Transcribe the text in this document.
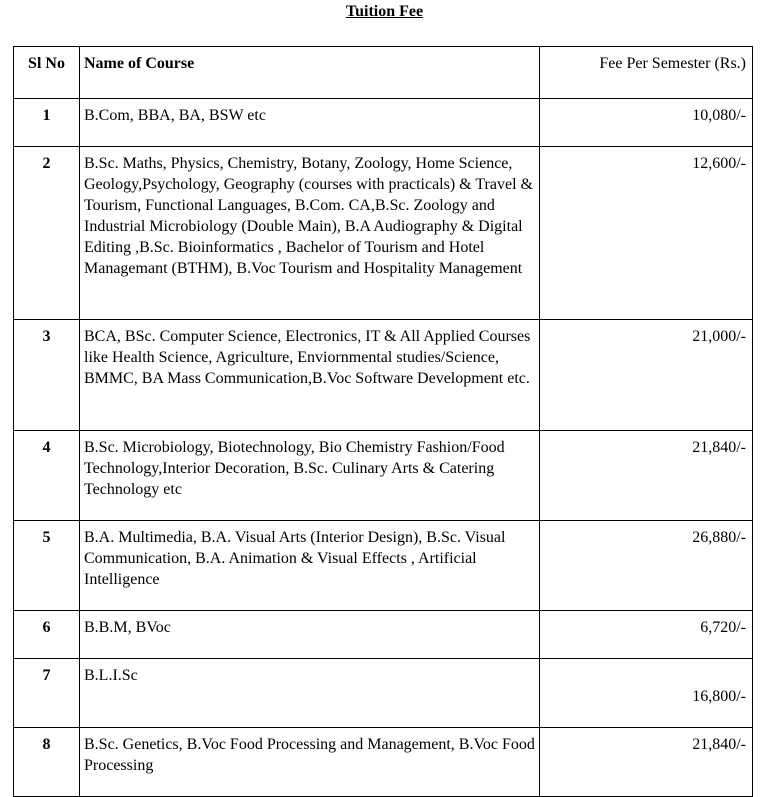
Tuition Fee
Sl No	Name of Course	Fee Per Semester (Rs.)

1	B.Com, BBA, BA, BSW etc	10,080/-

2	B.Sc. Maths, Physics, Chemistry, Botany, Zoology, Home Science, Geology,Psychology, Geography (courses with practicals) & Travel & Tourism, Functional Languages, B.Com. CA,B.Sc. Zoology and Industrial Microbiology (Double Main), B.A Audiography & Digital Editing ,B.Sc. Bioinformatics , Bachelor of Tourism and Hotel Managemant (BTHM), B.Voc Tourism and Hospitality Management	12,600/-

3	BCA, BSc. Computer Science, Electronics, IT & All Applied Courses like Health Science, Agriculture, Enviornmental studies/Science, BMMC, BA Mass Communication,B.Voc Software Development etc.	21,000/-

4	B.Sc. Microbiology, Biotechnology, Bio Chemistry Fashion/Food Technology,Interior Decoration, B.Sc. Culinary Arts & Catering Technology etc	21,840/-

5	B.A. Multimedia, B.A. Visual Arts (Interior Design), B.Sc. Visual Communication, B.A. Animation & Visual Effects , Artificial Intelligence	26,880/-

6	B.B.M, BVoc	6,720/-

7	B.L.I.Sc	16,800/-

8	B.Sc. Genetics, B.Voc Food Processing and Management, B.Voc Food Processing	21,840/-
